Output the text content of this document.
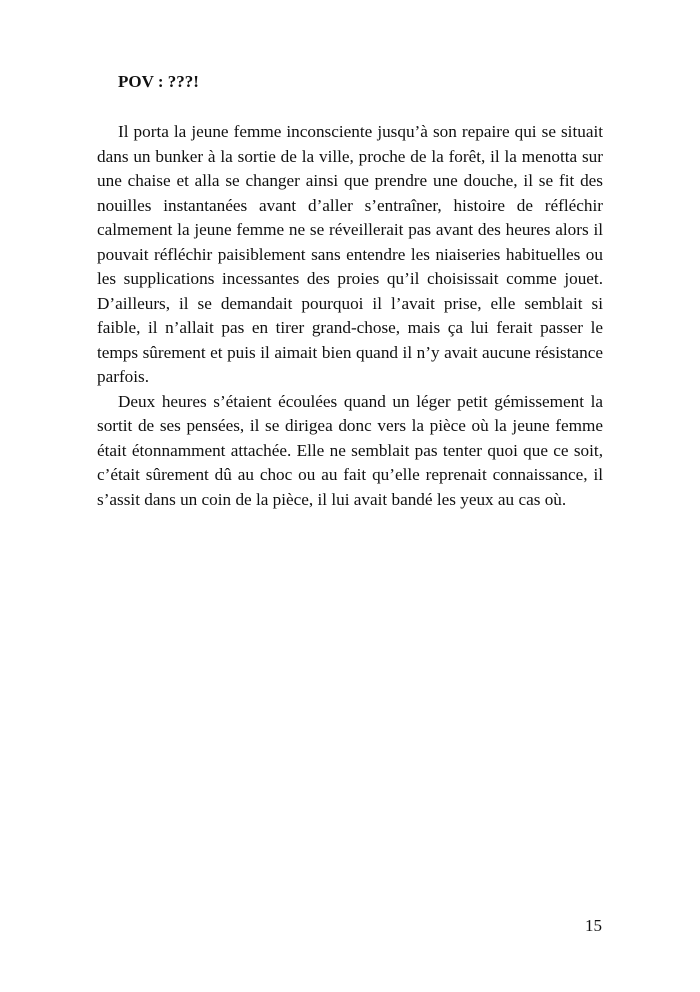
POV : ???!

Il porta la jeune femme inconsciente jusqu’à son repaire qui se situait dans un bunker à la sortie de la ville, proche de la forêt, il la menotta sur une chaise et alla se changer ainsi que prendre une douche, il se fit des nouilles instantanées avant d’aller s’entraîner, histoire de réfléchir calmement la jeune femme ne se réveillerait pas avant des heures alors il pouvait réfléchir paisiblement sans entendre les niaiseries habituelles ou les supplications incessantes des proies qu’il choisissait comme jouet. D’ailleurs, il se demandait pourquoi il l’avait prise, elle semblait si faible, il n’allait pas en tirer grand-chose, mais ça lui ferait passer le temps sûrement et puis il aimait bien quand il n’y avait aucune résistance parfois.

Deux heures s’étaient écoulées quand un léger petit gémissement la sortit de ses pensées, il se dirigea donc vers la pièce où la jeune femme était étonnamment attachée. Elle ne semblait pas tenter quoi que ce soit, c’était sûrement dû au choc ou au fait qu’elle reprenait connaissance, il s’assit dans un coin de la pièce, il lui avait bandé les yeux au cas où.

15
